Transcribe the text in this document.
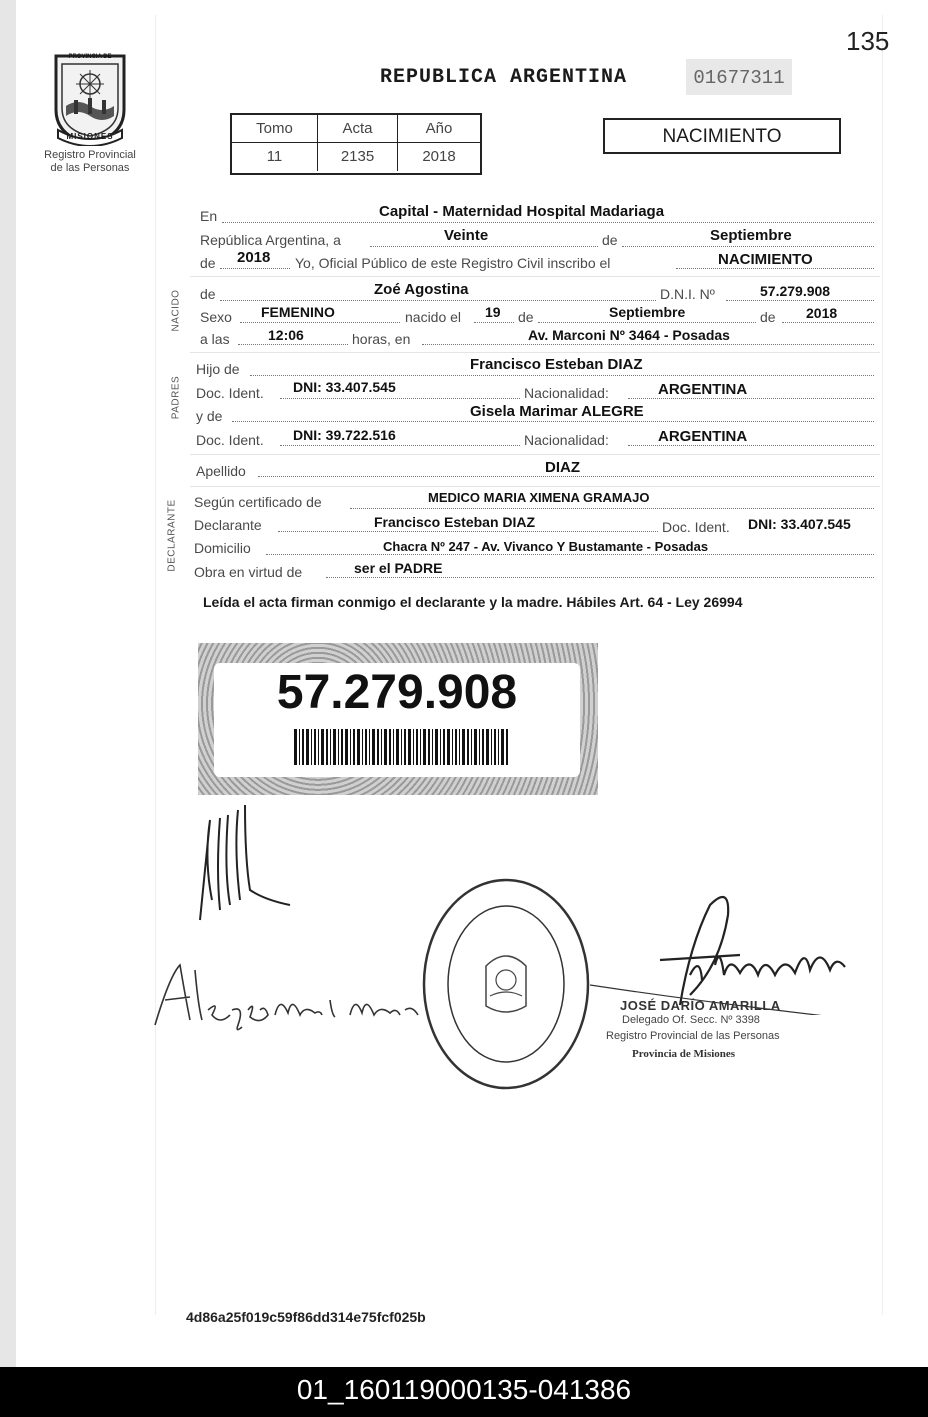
135
PROVINCIA DE
MISIONES
Registro Provincial
de las Personas
REPUBLICA ARGENTINA	01677311
Tomo	Acta	Año
11	2135	2018
NACIMIENTO
NACIDO
PADRES
DECLARANTE
En	Capital - Maternidad Hospital Madariaga
República Argentina, a	Veinte	de	Septiembre
de 2018 Yo, Oficial Público de este Registro Civil inscribo el	NACIMIENTO
de	Zoé Agostina	D.N.I. Nº	57.279.908
Sexo FEMENINO	nacido el 19 de	Septiembre	de 2018
a las	12:06	horas, en	Av. Marconi Nº 3464 - Posadas
Hijo de	Francisco Esteban DIAZ
Doc. Ident. DNI: 33.407.545	Nacionalidad:	ARGENTINA
y de	Gisela Marimar ALEGRE
Doc. Ident. DNI: 39.722.516	Nacionalidad:	ARGENTINA
Apellido	DIAZ
Según certificado de	MEDICO MARIA XIMENA GRAMAJO
Declarante	Francisco Esteban DIAZ	Doc. Ident. DNI: 33.407.545
Domicilio	Chacra Nº 247 - Av. Vivanco Y Bustamante - Posadas
Obra en virtud de	ser el PADRE
Leída el acta firman conmigo el declarante y la madre. Hábiles Art. 64 - Ley 26994
57.279.908
JOSÉ DARÍO AMARILLA
Delegado Of. Secc. Nº 3398
Registro Provincial de las Personas
Provincia de Misiones
4d86a25f019c59f86dd314e75fcf025b
01_160119000135-041386
